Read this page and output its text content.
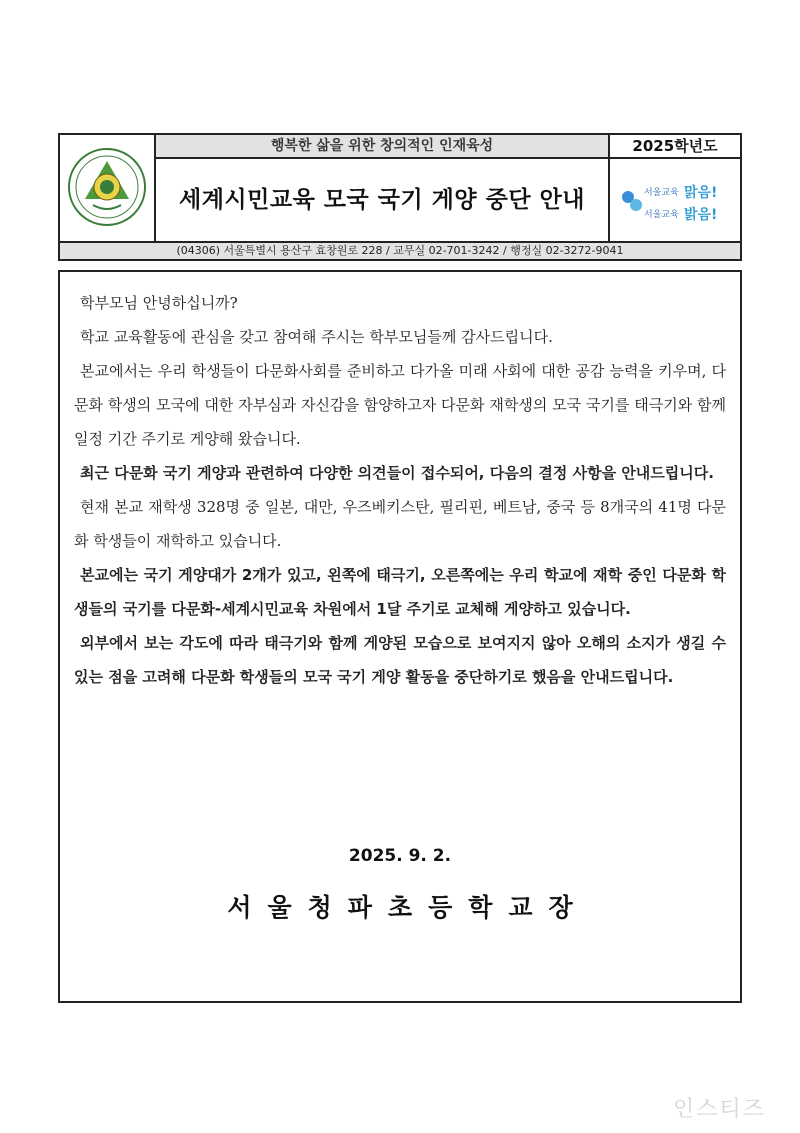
행복한 삶을 위한 창의적인 인재육성	2025학년도
세계시민교육 모국 국기 게양 중단 안내	서울교육 맑음!
서울교육 밝음!
(04306) 서울특별시 용산구 효창원로 228 / 교무실 02-701-3242 / 행정실 02-3272-9041

학부모님 안녕하십니까?

학교 교육활동에 관심을 갖고 참여해 주시는 학부모님들께 감사드립니다.

본교에서는 우리 학생들이 다문화사회를 준비하고 다가올 미래 사회에 대한 공감 능력을 키우며, 다문화 학생의 모국에 대한 자부심과 자신감을 함양하고자 다문화 재학생의 모국 국기를 태극기와 함께 일정 기간 주기로 게양해 왔습니다.

최근 다문화 국기 게양과 관련하여 다양한 의견들이 접수되어, 다음의 결정 사항을 안내드립니다.

현재 본교 재학생 328명 중 일본, 대만, 우즈베키스탄, 필리핀, 베트남, 중국 등 8개국의 41명 다문화 학생들이 재학하고 있습니다.

본교에는 국기 게양대가 2개가 있고, 왼쪽에 태극기, 오른쪽에는 우리 학교에 재학 중인 다문화 학생들의 국기를 다문화-세계시민교육 차원에서 1달 주기로 교체해 게양하고 있습니다.

외부에서 보는 각도에 따라 태극기와 함께 게양된 모습으로 보여지지 않아 오해의 소지가 생길 수 있는 점을 고려해 다문화 학생들의 모국 국기 게양 활동을 중단하기로 했음을 안내드립니다.

2025. 9. 2.
서울청파초등학교장
인스티즈
